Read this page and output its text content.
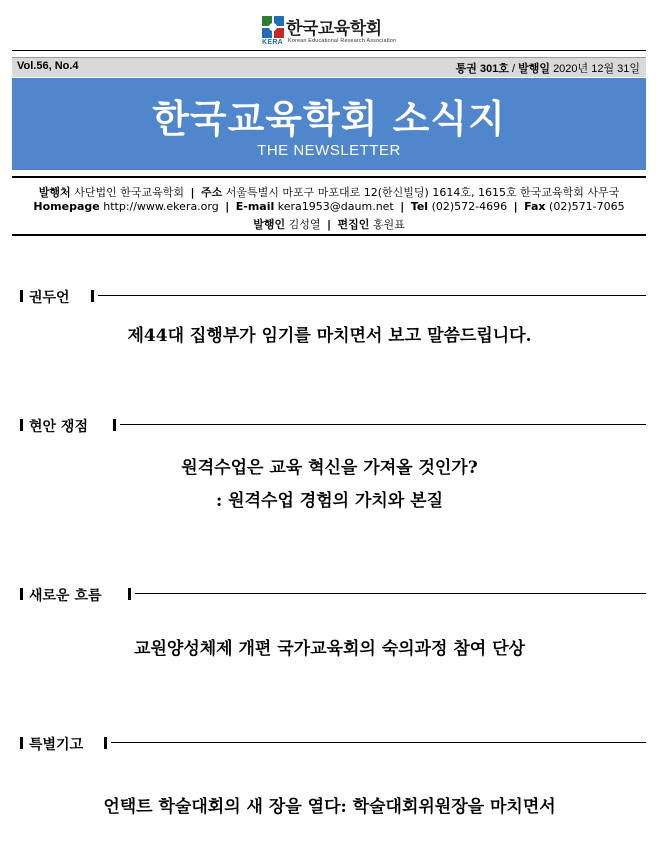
KERA
한국교육학회
Korean Educational Research Association
Vol.56, No.4	통권 301호 / 발행일 2020년 12월 31일
한국교육학회 소식지
THE NEWSLETTER
발행처 사단법인 한국교육학회 | 주소 서울특별시 마포구 마포대로 12(한신빌딩) 1614호, 1615호 한국교육학회 사무국
Homepage http://www.ekera.org | E-mail kera1953@daum.net | Tel (02)572-4696 | Fax (02)571-7065
발행인 김성열 | 편집인 홍원표
권두언
제44대 집행부가 임기를 마치면서 보고 말씀드립니다.
현안 쟁점
원격수업은 교육 혁신을 가져올 것인가?
: 원격수업 경험의 가치와 본질
새로운 흐름
교원양성체제 개편 국가교육회의 숙의과정 참여 단상
특별기고
언택트 학술대회의 새 장을 열다: 학술대회위원장을 마치면서
